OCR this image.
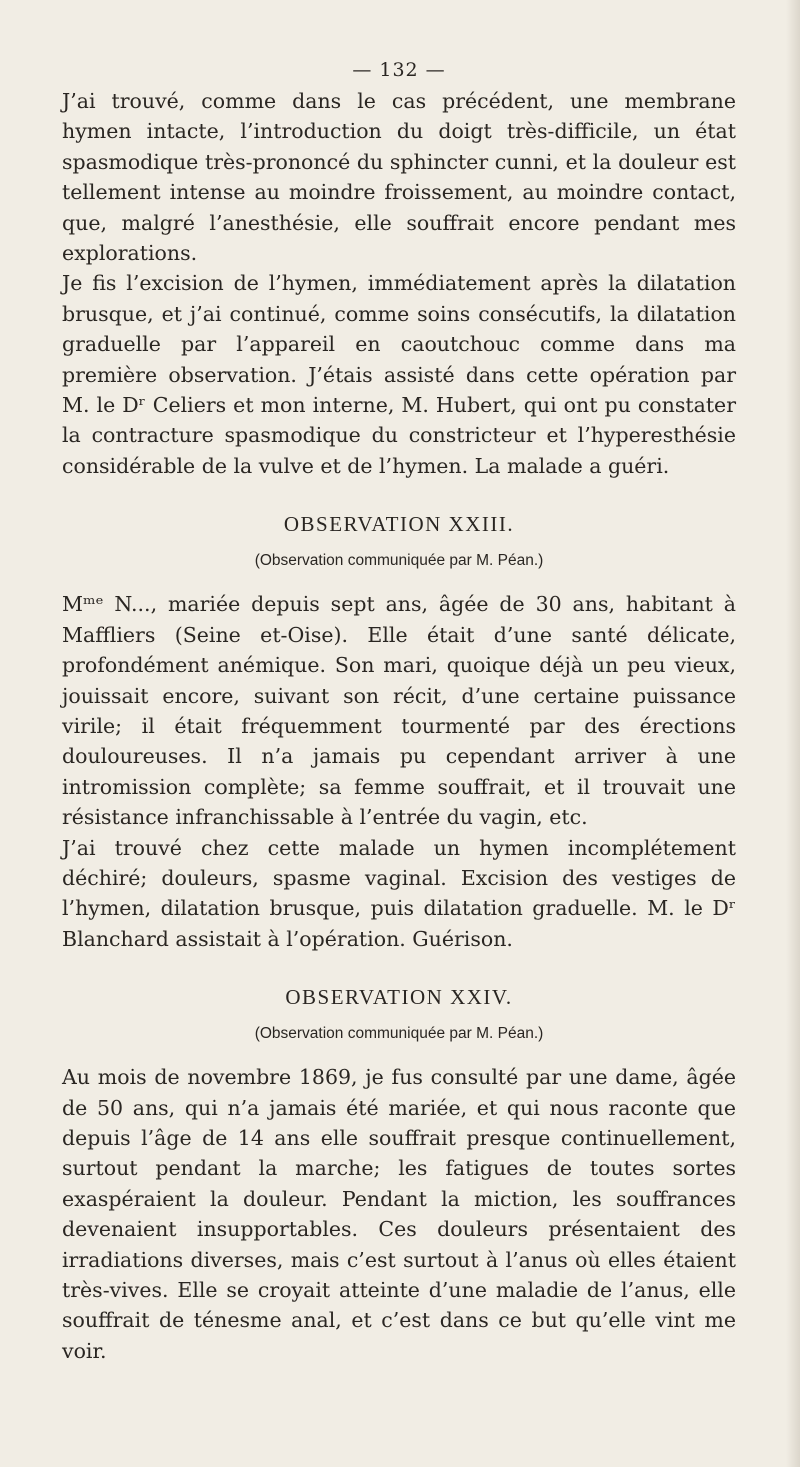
— 132 —

J’ai trouvé, comme dans le cas précédent, une membrane hymen intacte, l’introduction du doigt très-difficile, un état spasmodique très-prononcé du sphincter cunni, et la douleur est tellement intense au moindre froissement, au moindre contact, que, malgré l’anesthésie, elle souffrait encore pendant mes explorations.

Je fis l’excision de l’hymen, immédiatement après la dilatation brusque, et j’ai continué, comme soins consécutifs, la dilatation graduelle par l’appareil en caoutchouc comme dans ma première observation. J’étais assisté dans cette opération par M. le Dʳ Celiers et mon interne, M. Hubert, qui ont pu constater la contracture spasmodique du constricteur et l’hyperesthésie considérable de la vulve et de l’hymen. La malade a guéri.

OBSERVATION XXIII.
(Observation communiquée par M. Péan.)

Mᵐᵉ N..., mariée depuis sept ans, âgée de 30 ans, habitant à Maffliers (Seine et-Oise). Elle était d’une santé délicate, profondément anémique. Son mari, quoique déjà un peu vieux, jouissait encore, suivant son récit, d’une certaine puissance virile; il était fréquemment tourmenté par des érections douloureuses. Il n’a jamais pu cependant arriver à une intromission complète; sa femme souffrait, et il trouvait une résistance infranchissable à l’entrée du vagin, etc.

J’ai trouvé chez cette malade un hymen incomplétement déchiré; douleurs, spasme vaginal. Excision des vestiges de l’hymen, dilatation brusque, puis dilatation graduelle. M. le Dʳ Blanchard assistait à l’opération. Guérison.

OBSERVATION XXIV.
(Observation communiquée par M. Péan.)

Au mois de novembre 1869, je fus consulté par une dame, âgée de 50 ans, qui n’a jamais été mariée, et qui nous raconte que depuis l’âge de 14 ans elle souffrait presque continuellement, surtout pendant la marche; les fatigues de toutes sortes exaspéraient la douleur. Pendant la miction, les souffrances devenaient insupportables. Ces douleurs présentaient des irradiations diverses, mais c’est surtout à l’anus où elles étaient très-vives. Elle se croyait atteinte d’une maladie de l’anus, elle souffrait de ténesme anal, et c’est dans ce but qu’elle vint me voir.
